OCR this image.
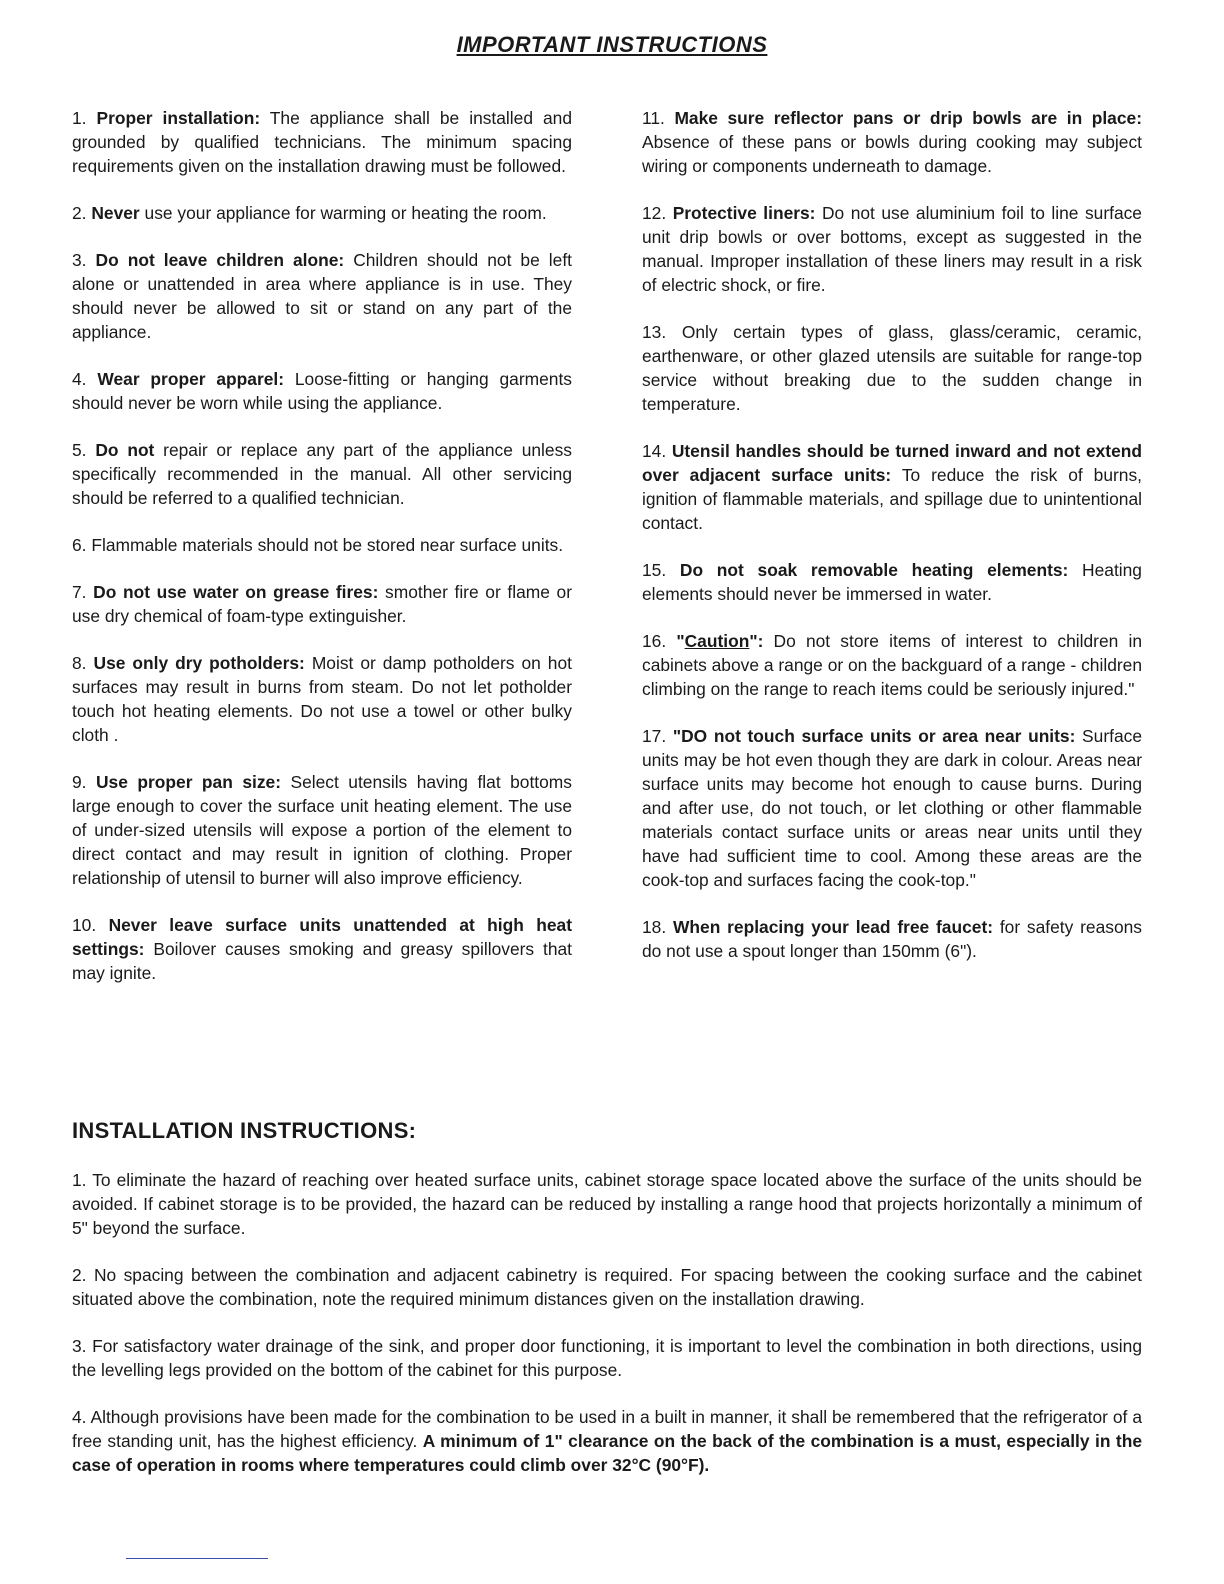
IMPORTANT INSTRUCTIONS

1. Proper installation: The appliance shall be installed and grounded by qualified technicians. The minimum spacing requirements given on the installation drawing must be followed.

2. Never use your appliance for warming or heating the room.

3. Do not leave children alone: Children should not be left alone or unattended in area where appliance is in use. They should never be allowed to sit or stand on any part of the appliance.

4. Wear proper apparel: Loose-fitting or hanging garments should never be worn while using the appliance.

5. Do not repair or replace any part of the appliance unless specifically recommended in the manual. All other servicing should be referred to a qualified technician.

6. Flammable materials should not be stored near surface units.

7. Do not use water on grease fires: smother fire or flame or use dry chemical of foam-type extinguisher.

8. Use only dry potholders: Moist or damp potholders on hot surfaces may result in burns from steam. Do not let potholder touch hot heating elements. Do not use a towel or other bulky cloth .

9. Use proper pan size: Select utensils having flat bottoms large enough to cover the surface unit heating element. The use of under-sized utensils will expose a portion of the element to direct contact and may result in ignition of clothing. Proper relationship of utensil to burner will also improve efficiency.

10. Never leave surface units unattended at high heat settings: Boilover causes smoking and greasy spillovers that may ignite.

11. Make sure reflector pans or drip bowls are in place: Absence of these pans or bowls during cooking may subject wiring or components underneath to damage.

12. Protective liners: Do not use aluminium foil to line surface unit drip bowls or over bottoms, except as suggested in the manual. Improper installation of these liners may result in a risk of electric shock, or fire.

13. Only certain types of glass, glass/ceramic, ceramic, earthenware, or other glazed utensils are suitable for range-top service without breaking due to the sudden change in temperature.

14. Utensil handles should be turned inward and not extend over adjacent surface units: To reduce the risk of burns, ignition of flammable materials, and spillage due to unintentional contact.

15. Do not soak removable heating elements: Heating elements should never be immersed in water.

16. "Caution": Do not store items of interest to children in cabinets above a range or on the backguard of a range - children climbing on the range to reach items could be seriously injured."

17. "DO not touch surface units or area near units: Surface units may be hot even though they are dark in colour. Areas near surface units may become hot enough to cause burns. During and after use, do not touch, or let clothing or other flammable materials contact surface units or areas near units until they have had sufficient time to cool. Among these areas are the cook-top and surfaces facing the cook-top."

18. When replacing your lead free faucet: for safety reasons do not use a spout longer than 150mm (6").

INSTALLATION INSTRUCTIONS:

1. To eliminate the hazard of reaching over heated surface units, cabinet storage space located above the surface of the units should be avoided. If cabinet storage is to be provided, the hazard can be reduced by installing a range hood that projects horizontally a minimum of 5" beyond the surface.

2. No spacing between the combination and adjacent cabinetry is required. For spacing between the cooking surface and the cabinet situated above the combination, note the required minimum distances given on the installation drawing.

3. For satisfactory water drainage of the sink, and proper door functioning, it is important to level the combination in both directions, using the levelling legs provided on the bottom of the cabinet for this purpose.

4. Although provisions have been made for the combination to be used in a built in manner, it shall be remembered that the refrigerator of a free standing unit, has the highest efficiency. A minimum of 1" clearance on the back of the combination is a must, especially in the case of operation in rooms where temperatures could climb over 32°C (90°F).
